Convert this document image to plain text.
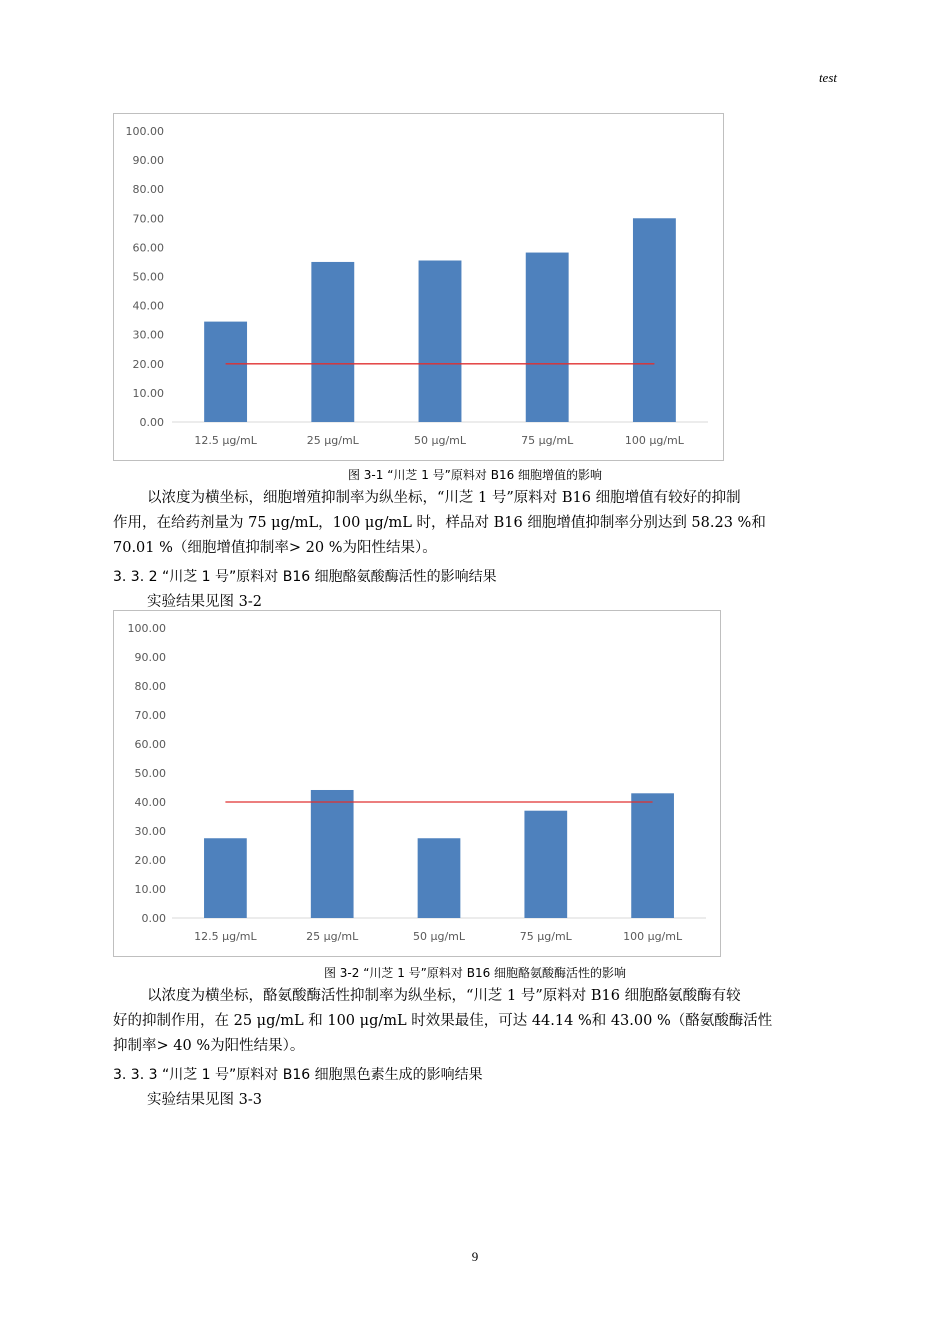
test
100.00
90.00
80.00
70.00
60.00
50.00
40.00
30.00
20.00
10.00
0.00
12.5 μg/mL	25 μg/mL	50 μg/mL	75 μg/mL	100 μg/mL
图 3-1 “川芝 1 号”原料对 B16 细胞增值的影响
以浓度为横坐标，细胞增殖抑制率为纵坐标，“川芝 1 号”原料对 B16 细胞增值有较好的抑制
作用，在给药剂量为 75 μg/mL，100 μg/mL 时，样品对 B16 细胞增值抑制率分别达到 58.23 %和
70.01 %（细胞增值抑制率> 20 %为阳性结果）。
3. 3. 2 “川芝 1 号”原料对 B16 细胞酪氨酸酶活性的影响结果
实验结果见图 3-2
100.00
90.00
80.00
70.00
60.00
50.00
40.00
30.00
20.00
10.00
0.00
12.5 μg/mL	25 μg/mL	50 μg/mL	75 μg/mL	100 μg/mL
图 3-2 “川芝 1 号”原料对 B16 细胞酪氨酸酶活性的影响
以浓度为横坐标，酪氨酸酶活性抑制率为纵坐标，“川芝 1 号”原料对 B16 细胞酪氨酸酶有较
好的抑制作用，在 25 μg/mL 和 100 μg/mL 时效果最佳，可达 44.14 %和 43.00 %（酪氨酸酶活性
抑制率> 40 %为阳性结果）。
3. 3. 3 “川芝 1 号”原料对 B16 细胞黑色素生成的影响结果
实验结果见图 3-3
9
